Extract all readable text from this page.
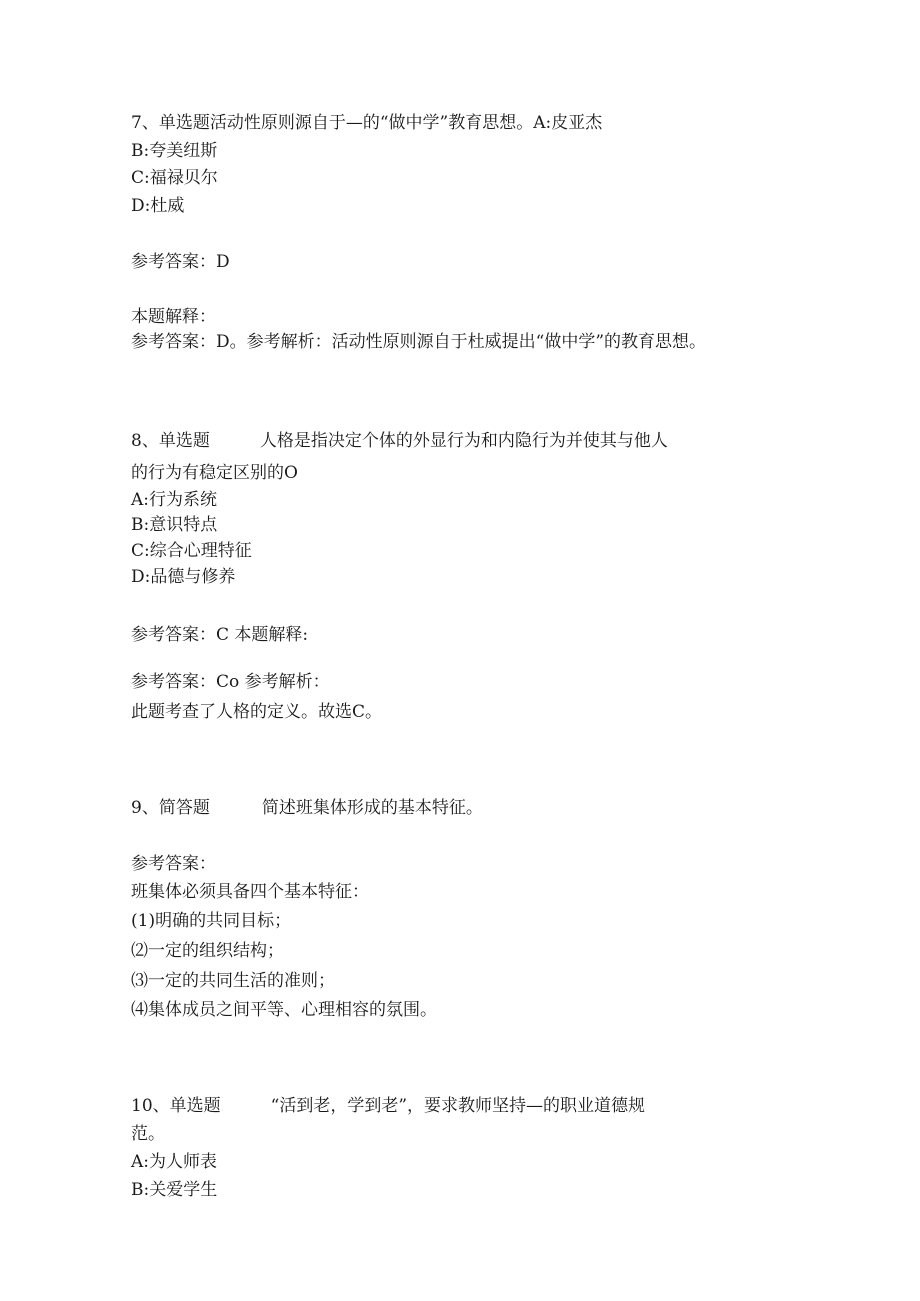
7、单选题活动性原则源自于—的“做中学”教育思想。A:皮亚杰
B:夸美纽斯
C:福禄贝尔
D:杜威
参考答案：D
本题解释：
参考答案：D。参考解析：活动性原则源自于杜威提出“做中学”的教育思想。
8、单选题	人格是指决定个体的外显行为和内隐行为并使其与他人
的行为有稳定区别的O
A:行为系统
B:意识特点
C:综合心理特征
D:品德与修养
参考答案：C 本题解释:
参考答案：Co 参考解析：
此题考查了人格的定义。故选C。
9、简答题	简述班集体形成的基本特征。
参考答案：
班集体必须具备四个基本特征：
(1)明确的共同目标；
⑵一定的组织结构；
⑶一定的共同生活的准则；
⑷集体成员之间平等、心理相容的氛围。
10、单选题	“活到老，学到老”，要求教师坚持—的职业道德规
范。
A:为人师表
B:关爱学生
